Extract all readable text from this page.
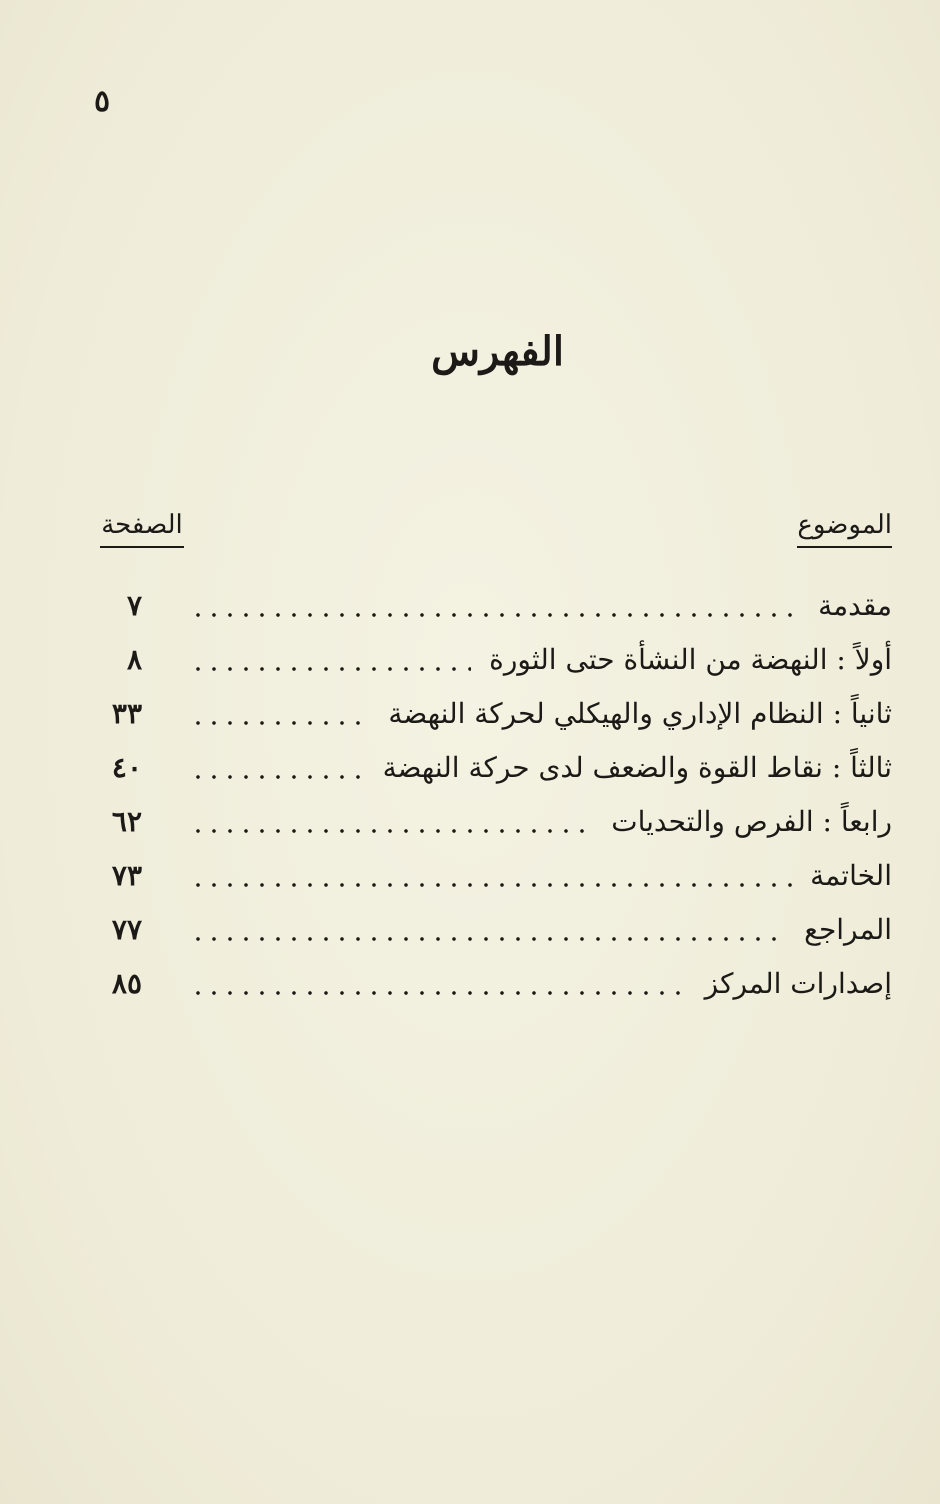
٥
الفهرس
الموضوع
الصفحة
مقدمة
٧
أولاً : النهضة من النشأة حتى الثورة
٨
ثانياً : النظام الإداري والهيكلي لحركة النهضة
٣٣
ثالثاً : نقاط القوة والضعف لدى حركة النهضة
٤٠
رابعاً : الفرص والتحديات
٦٢
الخاتمة
٧٣
المراجع
٧٧
إصدارات المركز
٨٥
